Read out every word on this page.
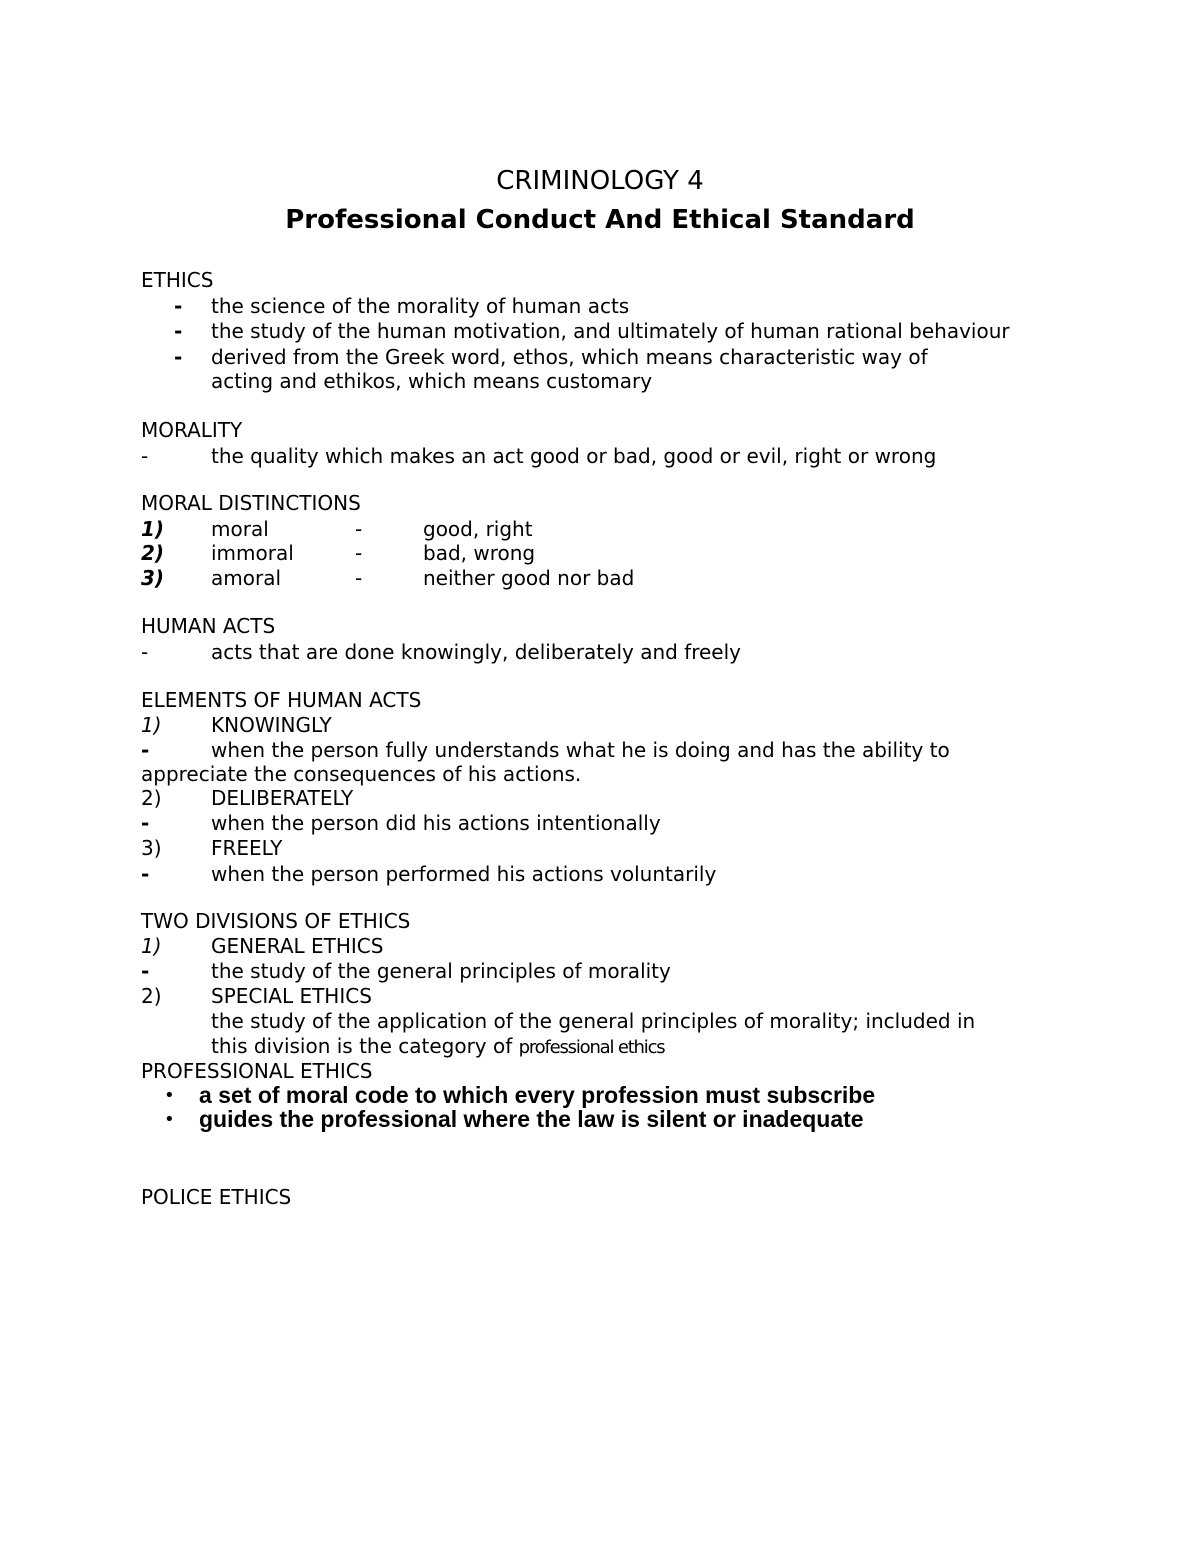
CRIMINOLOGY 4
Professional Conduct And Ethical Standard
ETHICS
- the science of the morality of human acts
- the study of the human motivation, and ultimately of human rational behaviour
- derived from the Greek word, ethos, which means characteristic way of
acting and ethikos, which means customary
MORALITY
-	the quality which makes an act good or bad, good or evil, right or wrong
MORAL DISTINCTIONS
1) moral	-	good, right
2) immoral	-	bad, wrong
3) amoral	-	neither good nor bad
HUMAN ACTS
-	acts that are done knowingly, deliberately and freely
ELEMENTS OF HUMAN ACTS
1) KNOWINGLY
-	when the person fully understands what he is doing and has the ability to
appreciate the consequences of his actions.
2) DELIBERATELY
-	when the person did his actions intentionally
3) FREELY
-	when the person performed his actions voluntarily
TWO DIVISIONS OF ETHICS
1) GENERAL ETHICS
-	the study of the general principles of morality
2) SPECIAL ETHICS
the study of the application of the general principles of morality; included in
this division is the category of professional ethics
PROFESSIONAL ETHICS
• a set of moral code to which every profession must subscribe
• guides the professional where the law is silent or inadequate
POLICE ETHICS
